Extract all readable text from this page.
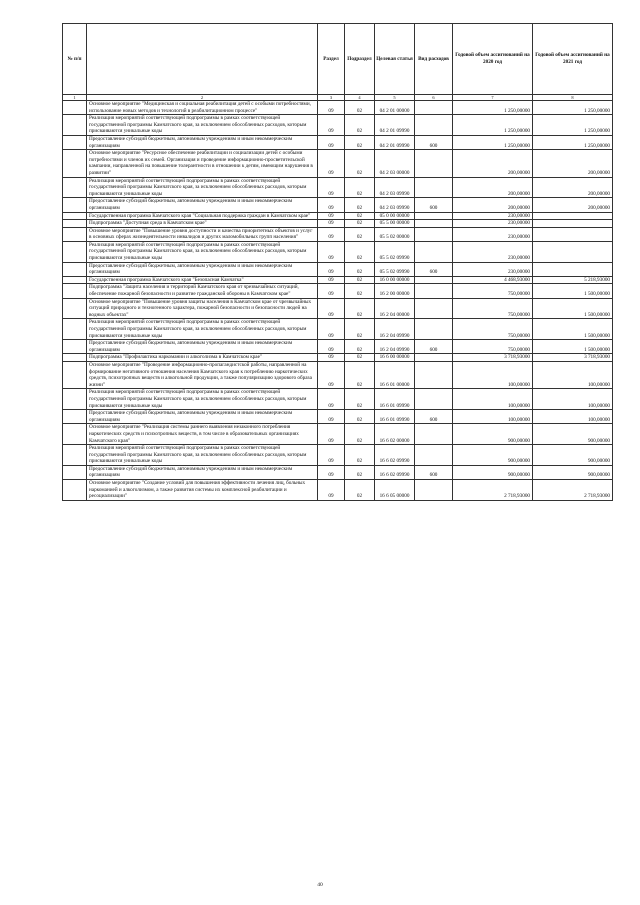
№ п/п		Раздел	Подраздел	Целевая статья	Вид расходов	Годовой объем ассигнований на 2020 год	Годовой объем ассигнований на 2021 год
1	2	3	4	5	6	7	8
	Основное мероприятие "Медицинская и социальная реабилитация детей с особыми потребностями, использование новых методов и технологий в реабилитационном процессе"	09	02	04 2 01 00000		1 250,00000	1 250,00000
	Реализация мероприятий соответствующей подпрограммы в рамках соответствующей государственной программы Камчатского края, за исключением обособленных расходов, которым присваиваются уникальные коды	09	02	04 2 01 09990		1 250,00000	1 250,00000
	Предоставление субсидий бюджетным, автономным учреждениям и иным некоммерческим организациям	09	02	04 2 01 09990	600	1 250,00000	1 250,00000
	Основное мероприятие "Ресурсное обеспечение реабилитации и социализации детей с особыми потребностями и членов их семей. Организация и проведение информационно-просветительской кампании, направленной на повышение толерантности в отношении к детям, имеющим нарушения в развитии"	09	02	04 2 03 00000		200,00000	200,00000
	Реализация мероприятий соответствующей подпрограммы в рамках соответствующей государственной программы Камчатского края, за исключением обособленных расходов, которым присваиваются уникальные коды	09	02	04 2 03 09990		200,00000	200,00000
	Предоставление субсидий бюджетным, автономным учреждениям и иным некоммерческим организациям	09	02	04 2 03 09990	600	200,00000	200,00000
	Государственная программа Камчатского края "Социальная поддержка граждан в Камчатском крае"	09	02	05 0 00 00000		230,00000	
	Подпрограмма "Доступная среда в Камчатском крае"	09	02	05 5 00 00000		230,00000	
	Основное мероприятие "Повышение уровня доступности и качества приоритетных объектов и услуг в основных сферах жизнедеятельности инвалидов и других маломобильных групп населения"	09	02	05 5 02 00000		230,00000	
	Реализация мероприятий соответствующей подпрограммы в рамках соответствующей государственной программы Камчатского края, за исключением обособленных расходов, которым присваиваются уникальные коды	09	02	05 5 02 09990		230,00000	
	Предоставление субсидий бюджетным, автономным учреждениям и иным некоммерческим организациям	09	02	05 5 02 09990	600	230,00000	
	Государственная программа Камчатского края "Безопасная Камчатка"	09	02	16 0 00 00000		4 468,93000	5 218,93000
	Подпрограмма "Защита населения и территорий Камчатского края от чрезвычайных ситуаций, обеспечение пожарной безопасности и развитие гражданской обороны в Камчатском крае"	09	02	16 2 00 00000		750,00000	1 500,00000
	Основное мероприятие "Повышение уровня защиты населения в Камчатском крае от чрезвычайных ситуаций природного и техногенного характера, пожарной безопасности и безопасности людей на водных объектах"	09	02	16 2 04 00000		750,00000	1 500,00000
	Реализация мероприятий соответствующей подпрограммы в рамках соответствующей государственной программы Камчатского края, за исключением обособленных расходов, которым присваиваются уникальные коды	09	02	16 2 04 09990		750,00000	1 500,00000
	Предоставление субсидий бюджетным, автономным учреждениям и иным некоммерческим организациям	09	02	16 2 04 09990	600	750,00000	1 500,00000
	Подпрограмма "Профилактика наркомании и алкоголизма в Камчатском крае"	09	02	16 6 00 00000		3 718,93000	3 718,93000
	Основное мероприятие "Проведение информационно-пропагандистской работы, направленной на формирование негативного отношения населения Камчатского края к потреблению наркотических средств, психотропных веществ и алкогольной продукции, а также популяризацию здорового образа жизни"	09	02	16 6 01 00000		100,00000	100,00000
	Реализация мероприятий соответствующей подпрограммы в рамках соответствующей государственной программы Камчатского края, за исключением обособленных расходов, которым присваиваются уникальные коды	09	02	16 6 01 09990		100,00000	100,00000
	Предоставление субсидий бюджетным, автономным учреждениям и иным некоммерческим организациям	09	02	16 6 01 09990	600	100,00000	100,00000
	Основное мероприятие "Реализация системы раннего выявления незаконного потребления наркотических средств и психотропных веществ, в том числе в образовательных организациях Камчатского края"	09	02	16 6 02 00000		900,00000	900,00000
	Реализация мероприятий соответствующей подпрограммы в рамках соответствующей государственной программы Камчатского края, за исключением обособленных расходов, которым присваиваются уникальные коды	09	02	16 6 02 09990		900,00000	900,00000
	Предоставление субсидий бюджетным, автономным учреждениям и иным некоммерческим организациям	09	02	16 6 02 09990	600	900,00000	900,00000
	Основное мероприятие "Создание условий для повышения эффективности лечения лиц, больных наркоманией и алкоголизмом, а также развития системы их комплексной реабилитации и ресоциализации"	09	02	16 6 05 00000		2 718,93000	2 718,93000
40
